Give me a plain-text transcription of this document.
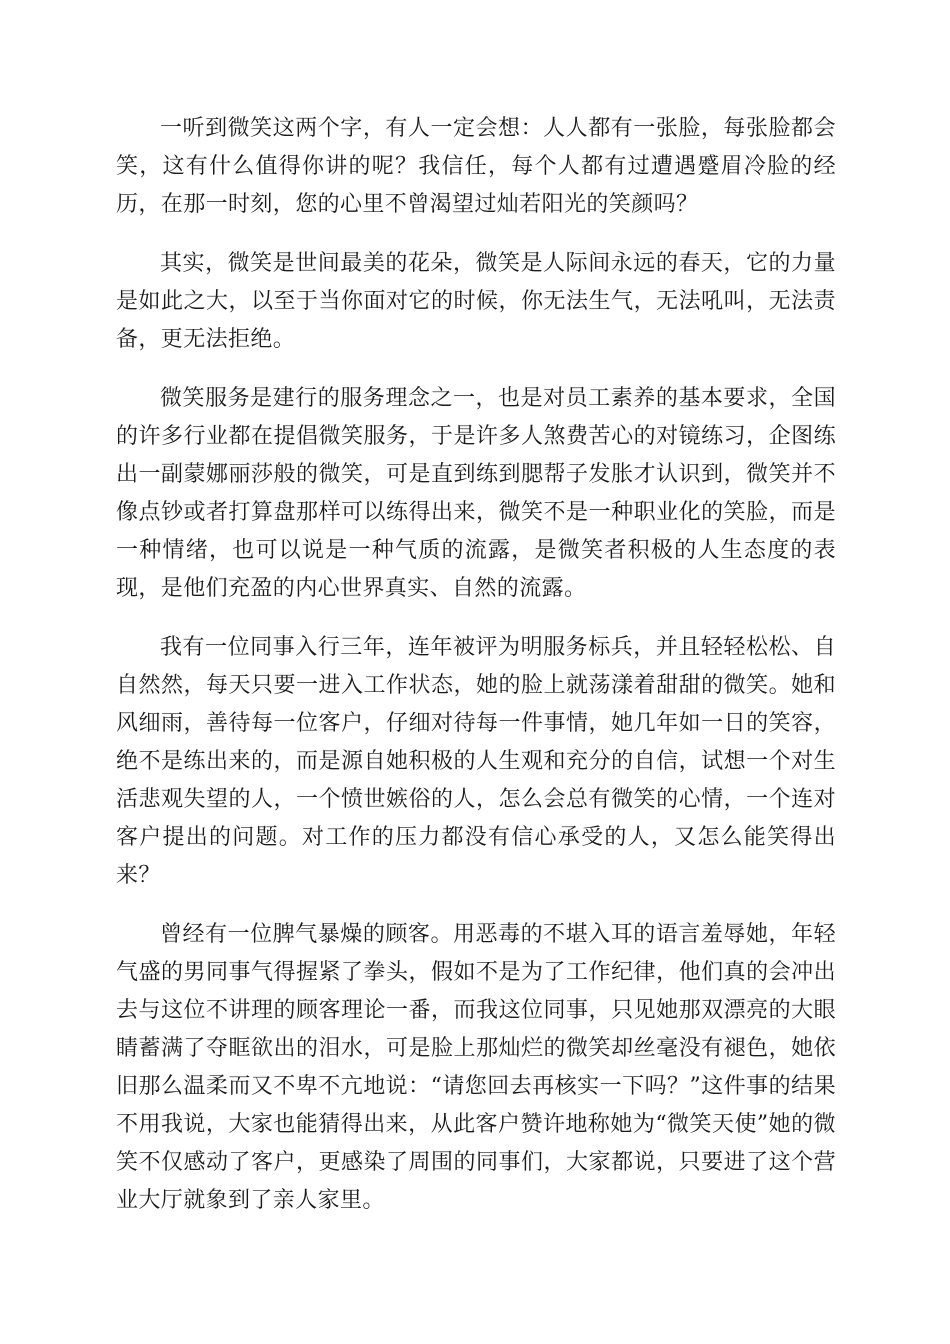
一听到微笑这两个字，有人一定会想：人人都有一张脸，每张脸都会笑，这有什么值得你讲的呢？我信任，每个人都有过遭遇蹙眉冷脸的经历，在那一时刻，您的心里不曾渴望过灿若阳光的笑颜吗？

其实，微笑是世间最美的花朵，微笑是人际间永远的春天，它的力量是如此之大，以至于当你面对它的时候，你无法生气，无法吼叫，无法责备，更无法拒绝。

微笑服务是建行的服务理念之一，也是对员工素养的基本要求，全国的许多行业都在提倡微笑服务，于是许多人煞费苦心的对镜练习，企图练出一副蒙娜丽莎般的微笑，可是直到练到腮帮子发胀才认识到，微笑并不像点钞或者打算盘那样可以练得出来，微笑不是一种职业化的笑脸，而是一种情绪，也可以说是一种气质的流露，是微笑者积极的人生态度的表现，是他们充盈的内心世界真实、自然的流露。

我有一位同事入行三年，连年被评为明服务标兵，并且轻轻松松、自自然然，每天只要一进入工作状态，她的脸上就荡漾着甜甜的微笑。她和风细雨，善待每一位客户，仔细对待每一件事情，她几年如一日的笑容，绝不是练出来的，而是源自她积极的人生观和充分的自信，试想一个对生活悲观失望的人，一个愤世嫉俗的人，怎么会总有微笑的心情，一个连对客户提出的问题。对工作的压力都没有信心承受的人，又怎么能笑得出来？

曾经有一位脾气暴燥的顾客。用恶毒的不堪入耳的语言羞辱她，年轻气盛的男同事气得握紧了拳头，假如不是为了工作纪律，他们真的会冲出去与这位不讲理的顾客理论一番，而我这位同事，只见她那双漂亮的大眼睛蓄满了夺眶欲出的泪水，可是脸上那灿烂的微笑却丝毫没有褪色，她依旧那么温柔而又不卑不亢地说：“请您回去再核实一下吗？”这件事的结果不用我说，大家也能猜得出来，从此客户赞许地称她为“微笑天使”她的微笑不仅感动了客户，更感染了周围的同事们，大家都说，只要进了这个营业大厅就象到了亲人家里。
